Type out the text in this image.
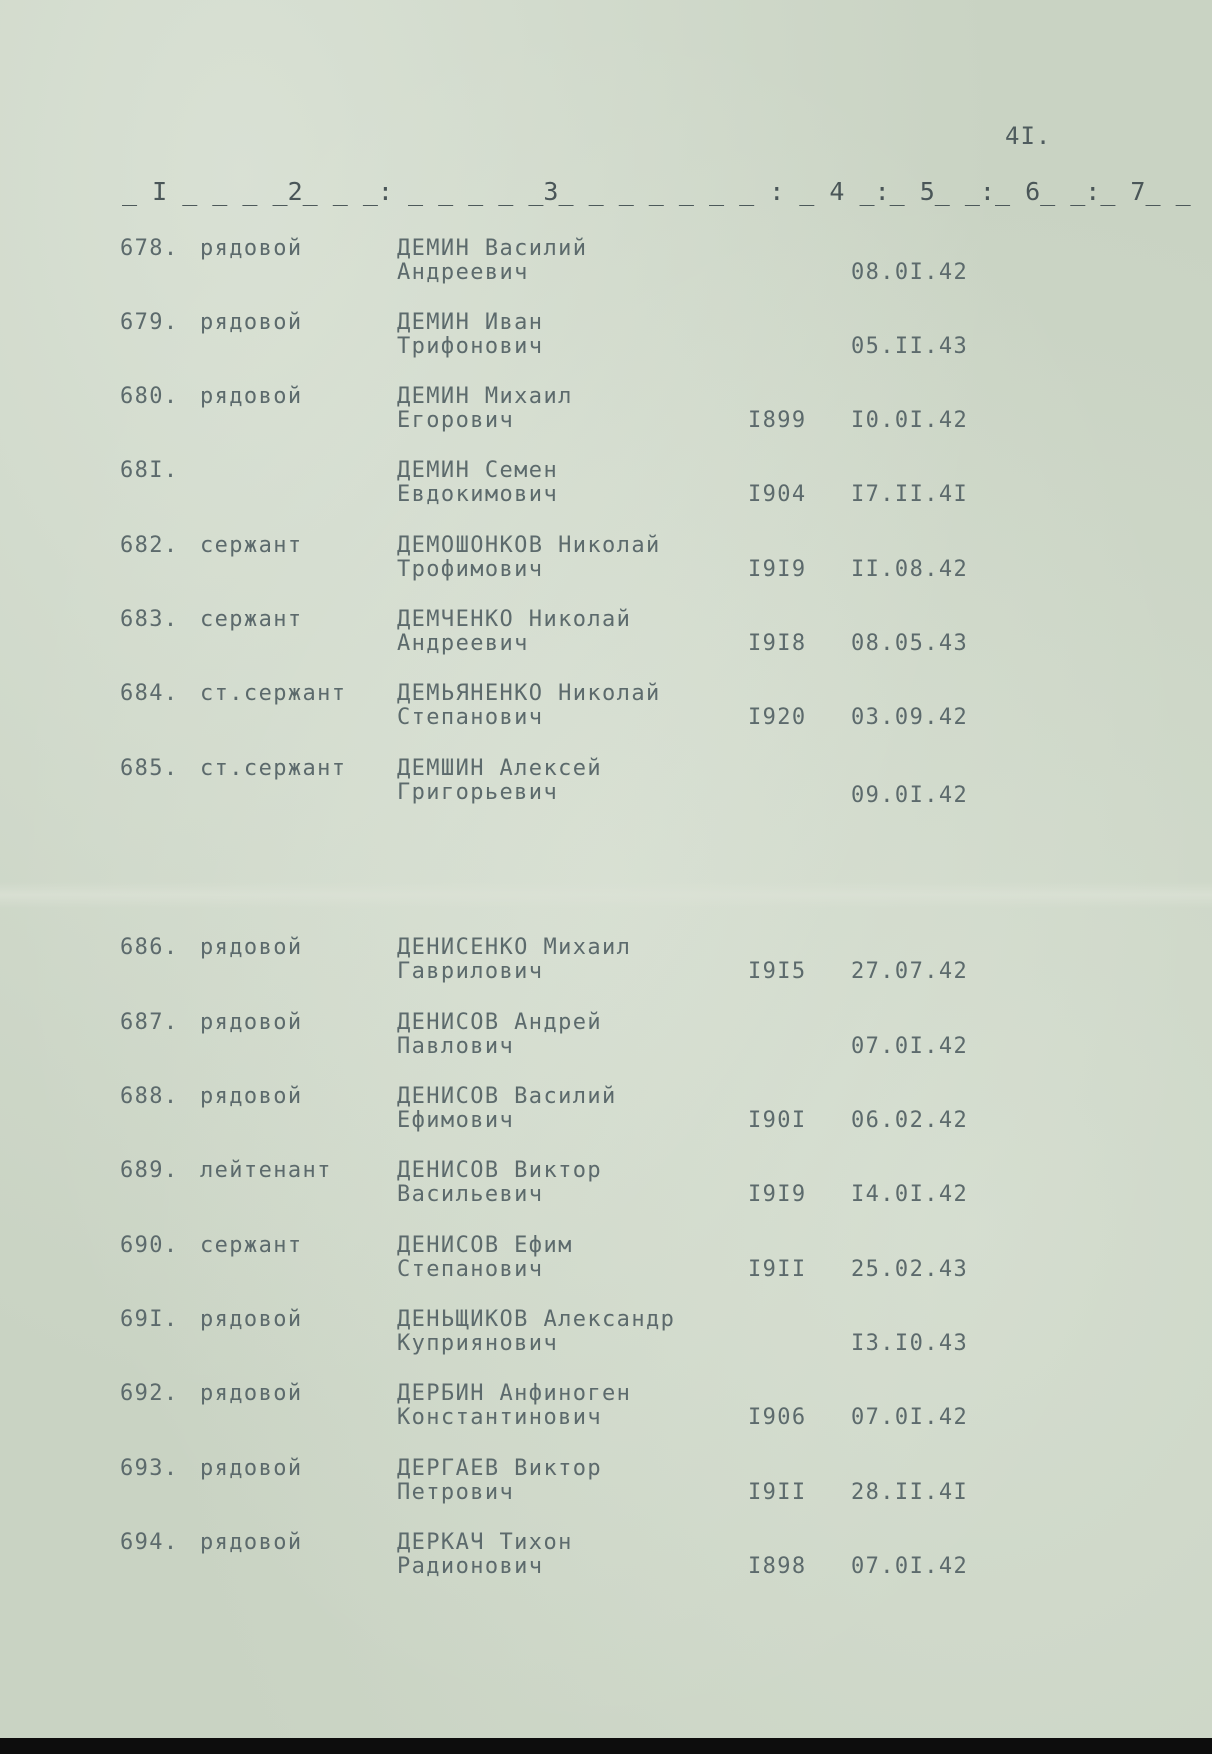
4I.
_ I _ _ _ _2_ _ _: _ _ _ _ _3_ _ _ _ _ _ _ : _ 4 _:_ 5_ _:_ 6_ _:_ 7_ _
678. рядовой	ДЕМИН Василий
Андреевич	08.0I.42
679. рядовой	ДЕМИН Иван
Трифонович	05.II.43
680. рядовой	ДЕМИН Михаил
Егорович	I899 I0.0I.42
68I.	ДЕМИН Семен
Евдокимович	I904 I7.II.4I
682. сержант	ДЕМОШОНКОВ Николай
Трофимович	I9I9 II.08.42
683. сержант	ДЕМЧЕНКО Николай
Андреевич	I9I8 08.05.43
684. ст.сержант ДЕМЬЯНЕНКО Николай
Степанович	I920 03.09.42
685. ст.сержант ДЕМШИН Алексей
Григорьевич	09.0I.42
686. рядовой	ДЕНИСЕНКО Михаил
Гаврилович	I9I5 27.07.42
687. рядовой	ДЕНИСОВ Андрей
Павлович	07.0I.42
688. рядовой	ДЕНИСОВ Василий
Ефимович	I90I 06.02.42
689. лейтенант	ДЕНИСОВ Виктор
Васильевич	I9I9 I4.0I.42
690. сержант	ДЕНИСОВ Ефим
Степанович	I9II 25.02.43
69I. рядовой	ДЕНЬЩИКОВ Александр
Куприянович	I3.I0.43
692. рядовой	ДЕРБИН Анфиноген
Константинович	I906 07.0I.42
693. рядовой	ДЕРГАЕВ Виктор
Петрович	I9II 28.II.4I
694. рядовой	ДЕРКАЧ Тихон
Радионович	I898 07.0I.42
